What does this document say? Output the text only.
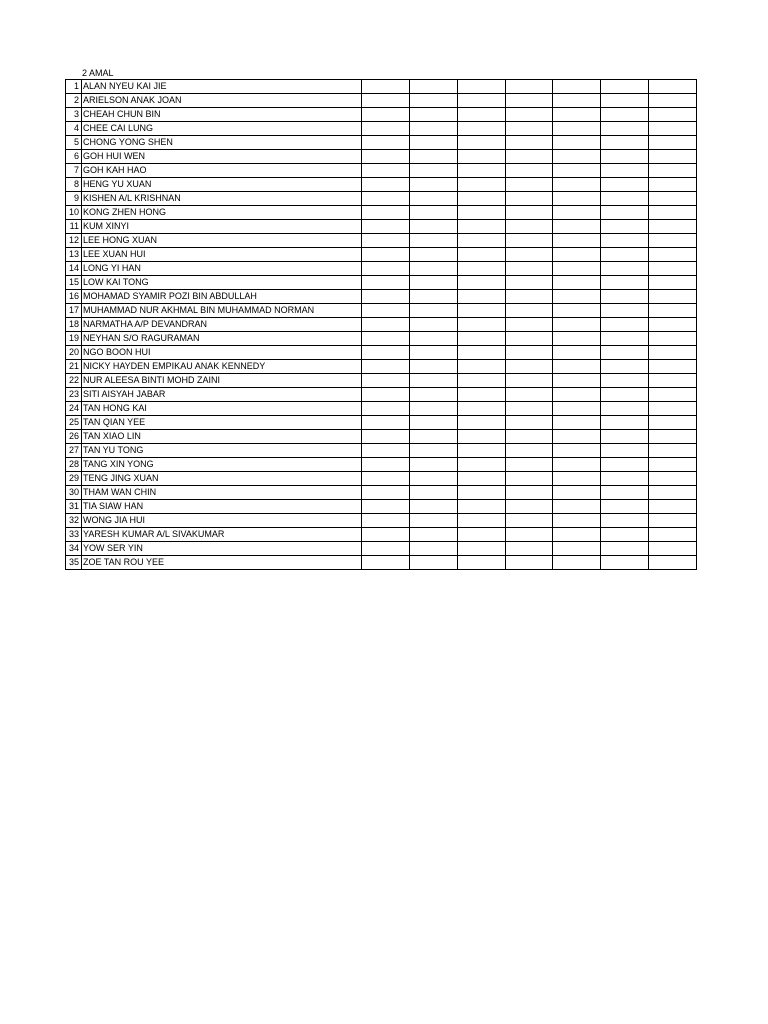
2 AMAL
1	ALAN NYEU KAI JIE							
2	ARIELSON ANAK JOAN							
3	CHEAH CHUN BIN							
4	CHEE CAI LUNG							
5	CHONG YONG SHEN							
6	GOH HUI WEN							
7	GOH KAH HAO							
8	HENG YU XUAN							
9	KISHEN A/L KRISHNAN							
10	KONG ZHEN HONG							
11	KUM XINYI							
12	LEE HONG XUAN							
13	LEE XUAN HUI							
14	LONG YI HAN							
15	LOW KAI TONG							
16	MOHAMAD SYAMIR POZI BIN ABDULLAH							
17	MUHAMMAD NUR AKHMAL BIN MUHAMMAD NORMAN							
18	NARMATHA A/P DEVANDRAN							
19	NEYHAN S/O RAGURAMAN							
20	NGO BOON HUI							
21	NICKY HAYDEN EMPIKAU ANAK KENNEDY							
22	NUR ALEESA BINTI MOHD ZAINI							
23	SITI AISYAH JABAR							
24	TAN HONG KAI							
25	TAN QIAN YEE							
26	TAN XIAO LIN							
27	TAN YU TONG							
28	TANG XIN YONG							
29	TENG JING XUAN							
30	THAM WAN CHIN							
31	TIA SIAW HAN							
32	WONG JIA HUI							
33	YARESH KUMAR A/L SIVAKUMAR							
34	YOW SER YIN							
35	ZOE TAN ROU YEE							
